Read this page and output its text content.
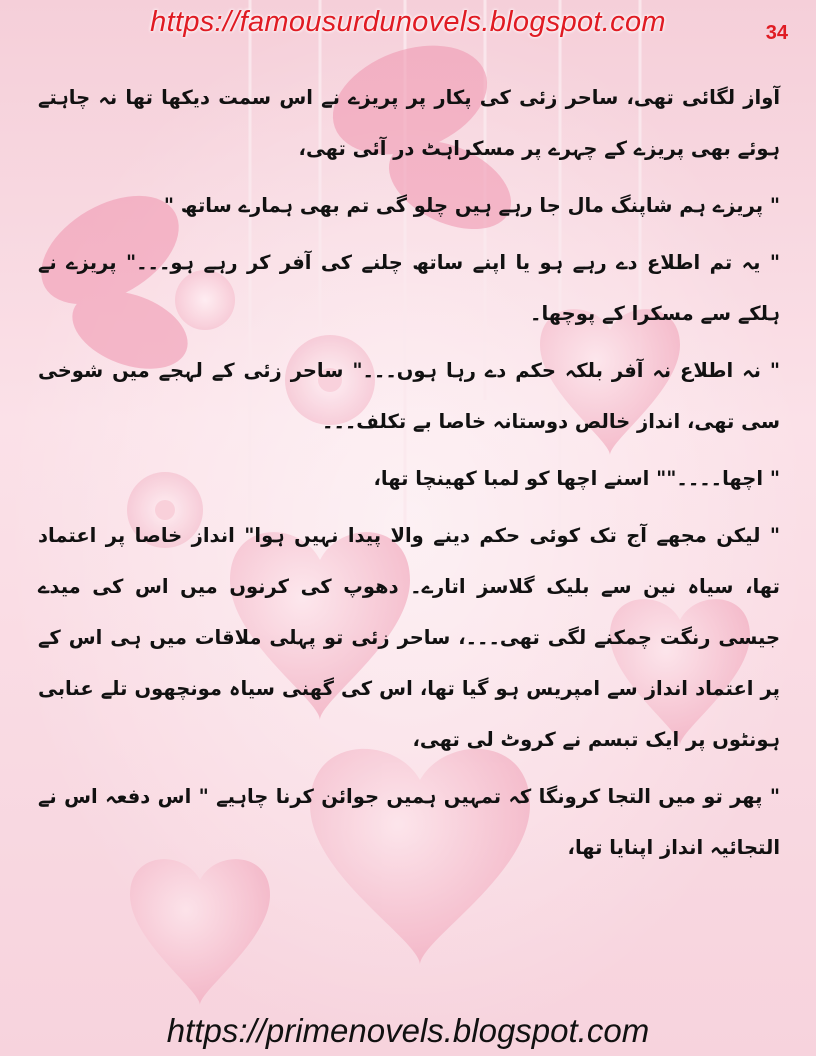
https://famousurdunovels.blogspot.com	34

آواز لگائی تھی، ساحر زئی کی پکار پر پریزے نے اس سمت دیکھا تھا نہ چاہتے ہوئے بھی پریزے کے چہرے پر مسکراہٹ در آئی تھی،

" پریزے ہم شاپنگ مال جا رہے ہیں چلو گی تم بھی ہمارے ساتھ "

" یہ تم اطلاع دے رہے ہو یا اپنے ساتھ چلنے کی آفر کر رہے ہو۔۔۔" پریزے نے ہلکے سے مسکرا کے پوچھا۔

" نہ اطلاع نہ آفر بلکہ حکم دے رہا ہوں۔۔۔" ساحر زئی کے لہجے میں شوخی سی تھی، انداز خالص دوستانہ خاصا بے تکلف۔۔۔

" اچھا۔۔۔۔"" اسنے اچھا کو لمبا کھینچا تھا،

" لیکن مجھے آج تک کوئی حکم دینے والا پیدا نہیں ہوا" انداز خاصا پر اعتماد تھا، سیاہ نین سے بلیک گلاسز اتارے۔ دھوپ کی کرنوں میں اس کی میدے جیسی رنگت چمکنے لگی تھی۔۔۔، ساحر زئی تو پہلی ملاقات میں ہی اس کے پر اعتماد انداز سے امپریس ہو گیا تھا، اس کی گھنی سیاہ مونچھوں تلے عنابی ہونٹوں پر ایک تبسم نے کروٹ لی تھی،

" پھر تو میں التجا کرونگا کہ تمہیں ہمیں جوائن کرنا چاہیے " اس دفعہ اس نے التجائیہ انداز اپنایا تھا،

https://primenovels.blogspot.com
